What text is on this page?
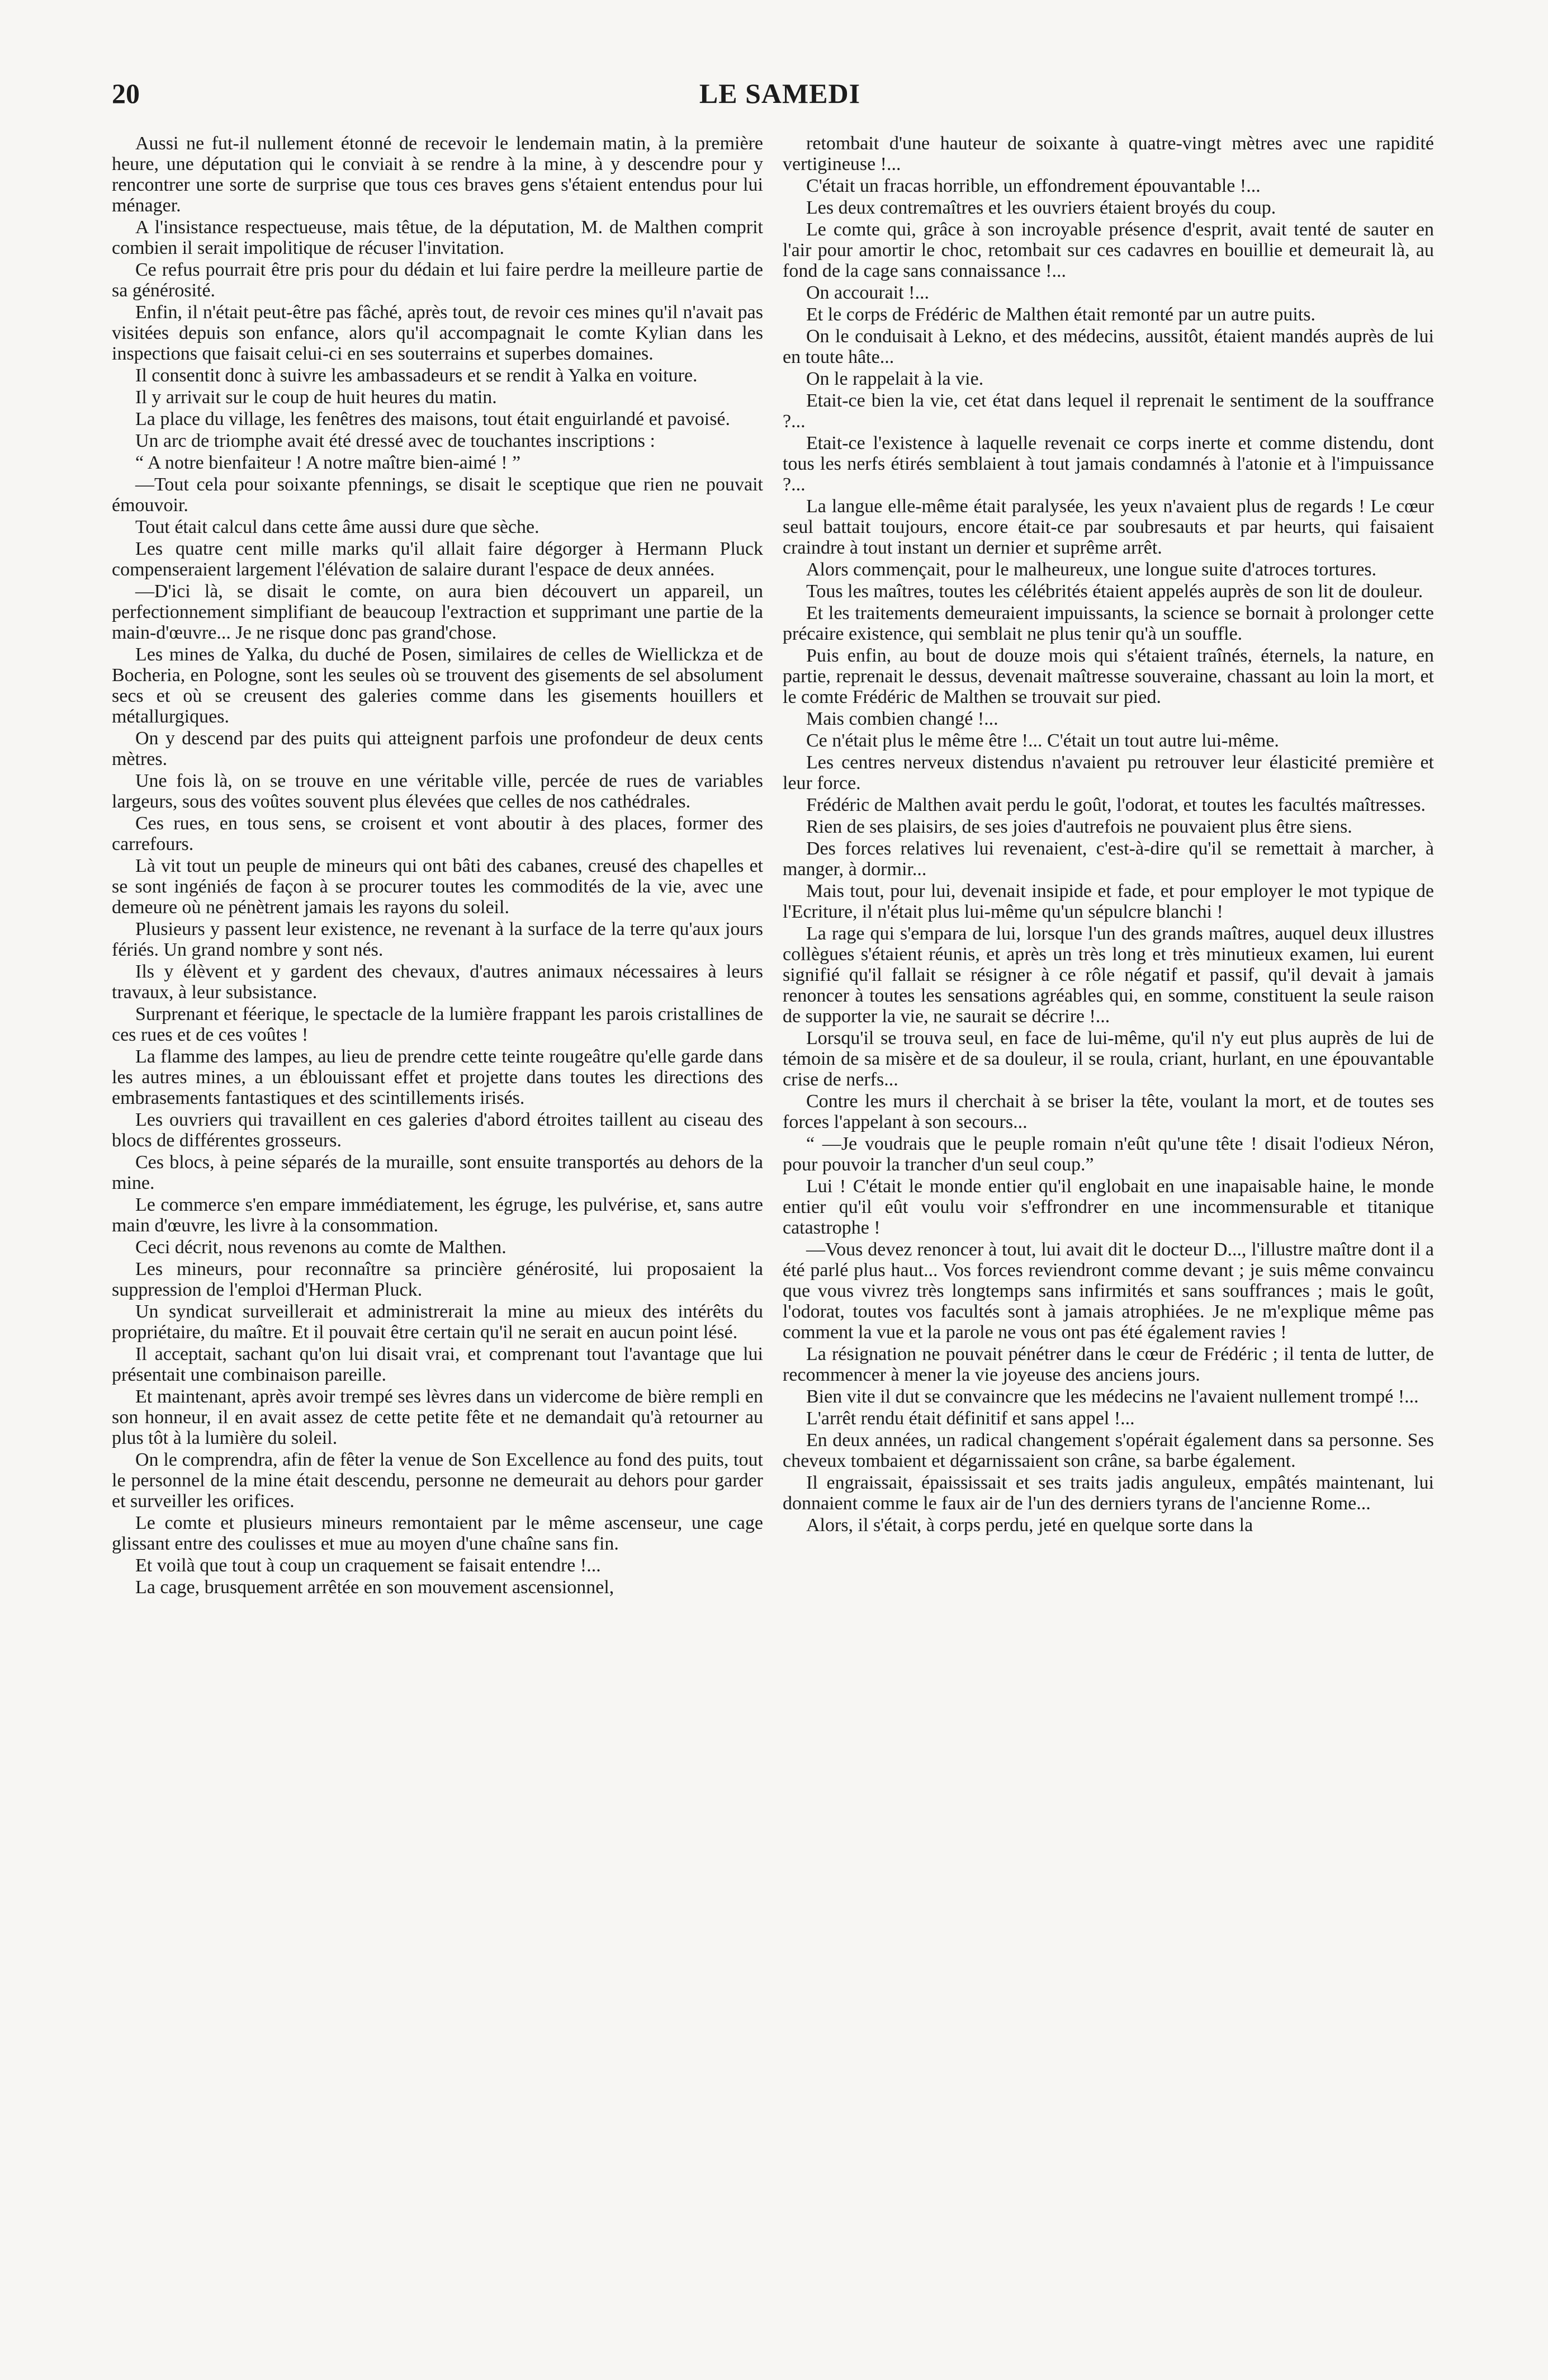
20	LE SAMEDI

Aussi ne fut-il nullement étonné de recevoir le lendemain matin, à la première heure, une députation qui le conviait à se rendre à la mine, à y descendre pour y rencontrer une sorte de surprise que tous ces braves gens s'étaient entendus pour lui ménager.

A l'insistance respectueuse, mais têtue, de la députation, M. de Malthen comprit combien il serait impolitique de récuser l'invitation.

Ce refus pourrait être pris pour du dédain et lui faire perdre la meilleure partie de sa générosité.

Enfin, il n'était peut-être pas fâché, après tout, de revoir ces mines qu'il n'avait pas visitées depuis son enfance, alors qu'il accompagnait le comte Kylian dans les inspections que faisait celui-ci en ses souterrains et superbes domaines.

Il consentit donc à suivre les ambassadeurs et se rendit à Yalka en voiture.

Il y arrivait sur le coup de huit heures du matin.

La place du village, les fenêtres des maisons, tout était enguirlandé et pavoisé.

Un arc de triomphe avait été dressé avec de touchantes inscriptions :

“ A notre bienfaiteur ! A notre maître bien-aimé ! ”

—Tout cela pour soixante pfennings, se disait le sceptique que rien ne pouvait émouvoir.

Tout était calcul dans cette âme aussi dure que sèche.

Les quatre cent mille marks qu'il allait faire dégorger à Hermann Pluck compenseraient largement l'élévation de salaire durant l'espace de deux années.

—D'ici là, se disait le comte, on aura bien découvert un appareil, un perfectionnement simplifiant de beaucoup l'extraction et supprimant une partie de la main-d'œuvre... Je ne risque donc pas grand'chose.

Les mines de Yalka, du duché de Posen, similaires de celles de Wiellickza et de Bocheria, en Pologne, sont les seules où se trouvent des gisements de sel absolument secs et où se creusent des galeries comme dans les gisements houillers et métallurgiques.

On y descend par des puits qui atteignent parfois une profondeur de deux cents mètres.

Une fois là, on se trouve en une véritable ville, percée de rues de variables largeurs, sous des voûtes souvent plus élevées que celles de nos cathédrales.

Ces rues, en tous sens, se croisent et vont aboutir à des places, former des carrefours.

Là vit tout un peuple de mineurs qui ont bâti des cabanes, creusé des chapelles et se sont ingéniés de façon à se procurer toutes les commodités de la vie, avec une demeure où ne pénètrent jamais les rayons du soleil.

Plusieurs y passent leur existence, ne revenant à la surface de la terre qu'aux jours fériés. Un grand nombre y sont nés.

Ils y élèvent et y gardent des chevaux, d'autres animaux nécessaires à leurs travaux, à leur subsistance.

Surprenant et féerique, le spectacle de la lumière frappant les parois cristallines de ces rues et de ces voûtes !

La flamme des lampes, au lieu de prendre cette teinte rougeâtre qu'elle garde dans les autres mines, a un éblouissant effet et projette dans toutes les directions des embrasements fantastiques et des scintillements irisés.

Les ouvriers qui travaillent en ces galeries d'abord étroites taillent au ciseau des blocs de différentes grosseurs.

Ces blocs, à peine séparés de la muraille, sont ensuite transportés au dehors de la mine.

Le commerce s'en empare immédiatement, les égruge, les pulvérise, et, sans autre main d'œuvre, les livre à la consommation.

Ceci décrit, nous revenons au comte de Malthen.

Les mineurs, pour reconnaître sa princière générosité, lui proposaient la suppression de l'emploi d'Herman Pluck.

Un syndicat surveillerait et administrerait la mine au mieux des intérêts du propriétaire, du maître. Et il pouvait être certain qu'il ne serait en aucun point lésé.

Il acceptait, sachant qu'on lui disait vrai, et comprenant tout l'avantage que lui présentait une combinaison pareille.

Et maintenant, après avoir trempé ses lèvres dans un vidercome de bière rempli en son honneur, il en avait assez de cette petite fête et ne demandait qu'à retourner au plus tôt à la lumière du soleil.

On le comprendra, afin de fêter la venue de Son Excellence au fond des puits, tout le personnel de la mine était descendu, personne ne demeurait au dehors pour garder et surveiller les orifices.

Le comte et plusieurs mineurs remontaient par le même ascenseur, une cage glissant entre des coulisses et mue au moyen d'une chaîne sans fin.

Et voilà que tout à coup un craquement se faisait entendre !...

La cage, brusquement arrêtée en son mouvement ascensionnel,

retombait d'une hauteur de soixante à quatre-vingt mètres avec une rapidité vertigineuse !...

C'était un fracas horrible, un effondrement épouvantable !...

Les deux contremaîtres et les ouvriers étaient broyés du coup.

Le comte qui, grâce à son incroyable présence d'esprit, avait tenté de sauter en l'air pour amortir le choc, retombait sur ces cadavres en bouillie et demeurait là, au fond de la cage sans connaissance !...

On accourait !...

Et le corps de Frédéric de Malthen était remonté par un autre puits.

On le conduisait à Lekno, et des médecins, aussitôt, étaient mandés auprès de lui en toute hâte...

On le rappelait à la vie.

Etait-ce bien la vie, cet état dans lequel il reprenait le sentiment de la souffrance ?...

Etait-ce l'existence à laquelle revenait ce corps inerte et comme distendu, dont tous les nerfs étirés semblaient à tout jamais condamnés à l'atonie et à l'impuissance ?...

La langue elle-même était paralysée, les yeux n'avaient plus de regards ! Le cœur seul battait toujours, encore était-ce par soubresauts et par heurts, qui faisaient craindre à tout instant un dernier et suprême arrêt.

Alors commençait, pour le malheureux, une longue suite d'atroces tortures.

Tous les maîtres, toutes les célébrités étaient appelés auprès de son lit de douleur.

Et les traitements demeuraient impuissants, la science se bornait à prolonger cette précaire existence, qui semblait ne plus tenir qu'à un souffle.

Puis enfin, au bout de douze mois qui s'étaient traînés, éternels, la nature, en partie, reprenait le dessus, devenait maîtresse souveraine, chassant au loin la mort, et le comte Frédéric de Malthen se trouvait sur pied.

Mais combien changé !...

Ce n'était plus le même être !... C'était un tout autre lui-même.

Les centres nerveux distendus n'avaient pu retrouver leur élasticité première et leur force.

Frédéric de Malthen avait perdu le goût, l'odorat, et toutes les facultés maîtresses.

Rien de ses plaisirs, de ses joies d'autrefois ne pouvaient plus être siens.

Des forces relatives lui revenaient, c'est-à-dire qu'il se remettait à marcher, à manger, à dormir...

Mais tout, pour lui, devenait insipide et fade, et pour employer le mot typique de l'Ecriture, il n'était plus lui-même qu'un sépulcre blanchi !

La rage qui s'empara de lui, lorsque l'un des grands maîtres, auquel deux illustres collègues s'étaient réunis, et après un très long et très minutieux examen, lui eurent signifié qu'il fallait se résigner à ce rôle négatif et passif, qu'il devait à jamais renoncer à toutes les sensations agréables qui, en somme, constituent la seule raison de supporter la vie, ne saurait se décrire !...

Lorsqu'il se trouva seul, en face de lui-même, qu'il n'y eut plus auprès de lui de témoin de sa misère et de sa douleur, il se roula, criant, hurlant, en une épouvantable crise de nerfs...

Contre les murs il cherchait à se briser la tête, voulant la mort, et de toutes ses forces l'appelant à son secours...

“ —Je voudrais que le peuple romain n'eût qu'une tête ! disait l'odieux Néron, pour pouvoir la trancher d'un seul coup.”

Lui ! C'était le monde entier qu'il englobait en une inapaisable haine, le monde entier qu'il eût voulu voir s'effrondrer en une incommensurable et titanique catastrophe !

—Vous devez renoncer à tout, lui avait dit le docteur D..., l'illustre maître dont il a été parlé plus haut... Vos forces reviendront comme devant ; je suis même convaincu que vous vivrez très longtemps sans infirmités et sans souffrances ; mais le goût, l'odorat, toutes vos facultés sont à jamais atrophiées. Je ne m'explique même pas comment la vue et la parole ne vous ont pas été également ravies !

La résignation ne pouvait pénétrer dans le cœur de Frédéric ; il tenta de lutter, de recommencer à mener la vie joyeuse des anciens jours.

Bien vite il dut se convaincre que les médecins ne l'avaient nullement trompé !...

L'arrêt rendu était définitif et sans appel !...

En deux années, un radical changement s'opérait également dans sa personne. Ses cheveux tombaient et dégarnissaient son crâne, sa barbe également.

Il engraissait, épaississait et ses traits jadis anguleux, empâtés maintenant, lui donnaient comme le faux air de l'un des derniers tyrans de l'ancienne Rome...

Alors, il s'était, à corps perdu, jeté en quelque sorte dans la
